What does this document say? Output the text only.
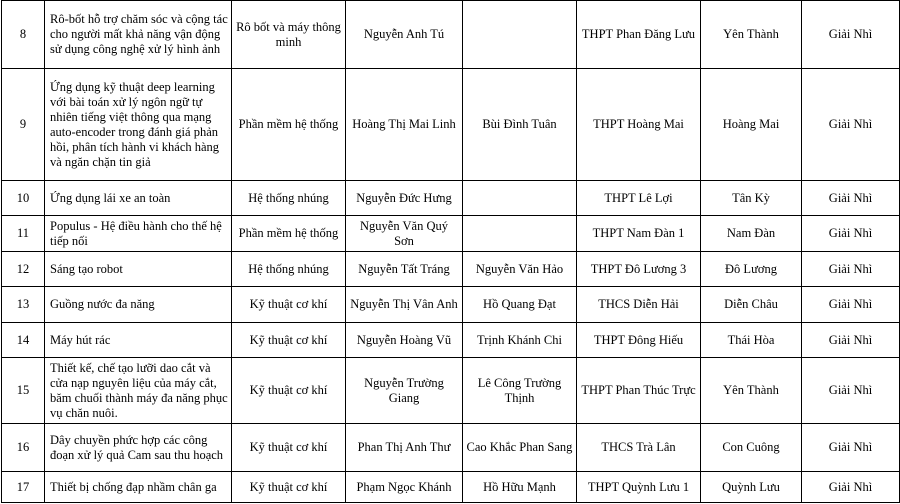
8	Rô-bốt hỗ trợ chăm sóc và cộng tác cho người mất khả năng vận động sử dụng công nghệ xử lý hình ảnh	Rô bốt và máy thông minh	Nguyễn Anh Tú		THPT Phan Đăng Lưu	Yên Thành	Giải Nhì
9	Ứng dụng kỹ thuật deep learning với bài toán xử lý ngôn ngữ tự nhiên tiếng việt thông qua mạng auto-encoder trong đánh giá phản hồi, phân tích hành vi khách hàng và ngăn chặn tin giả	Phần mềm hệ thống	Hoàng Thị Mai Linh	Bùi Đình Tuân	THPT Hoàng Mai	Hoàng Mai	Giải Nhì
10	Ứng dụng lái xe an toàn	Hệ thống nhúng	Nguyễn Đức Hưng		THPT Lê Lợi	Tân Kỳ	Giải Nhì
11	Populus - Hệ điều hành cho thế hệ tiếp nối	Phần mềm hệ thống	Nguyễn Văn Quý Sơn		THPT Nam Đàn 1	Nam Đàn	Giải Nhì
12	Sáng tạo robot	Hệ thống nhúng	Nguyễn Tất Tráng	Nguyễn Văn Hảo	THPT Đô Lương 3	Đô Lương	Giải Nhì
13	Guồng nước đa năng	Kỹ thuật cơ khí	Nguyễn Thị Vân Anh	Hồ Quang Đạt	THCS Diễn Hải	Diễn Châu	Giải Nhì
14	Máy hút rác	Kỹ thuật cơ khí	Nguyễn Hoàng Vũ	Trịnh Khánh Chi	THPT Đông Hiếu	Thái Hòa	Giải Nhì
15	Thiết kế, chế tạo lưỡi dao cắt và cửa nạp nguyên liệu của máy cắt, băm chuối thành máy đa năng phục vụ chăn nuôi.	Kỹ thuật cơ khí	Nguyễn Trường Giang	Lê Công Trường Thịnh	THPT Phan Thúc Trực	Yên Thành	Giải Nhì
16	Dây chuyền phức hợp các công đoạn xử lý quả Cam sau thu hoạch	Kỹ thuật cơ khí	Phan Thị Anh Thư	Cao Khắc Phan Sang	THCS Trà Lân	Con Cuông	Giải Nhì
17	Thiết bị chống đạp nhầm chân ga	Kỹ thuật cơ khí	Phạm Ngọc Khánh	Hồ Hữu Mạnh	THPT Quỳnh Lưu 1	Quỳnh Lưu	Giải Nhì
